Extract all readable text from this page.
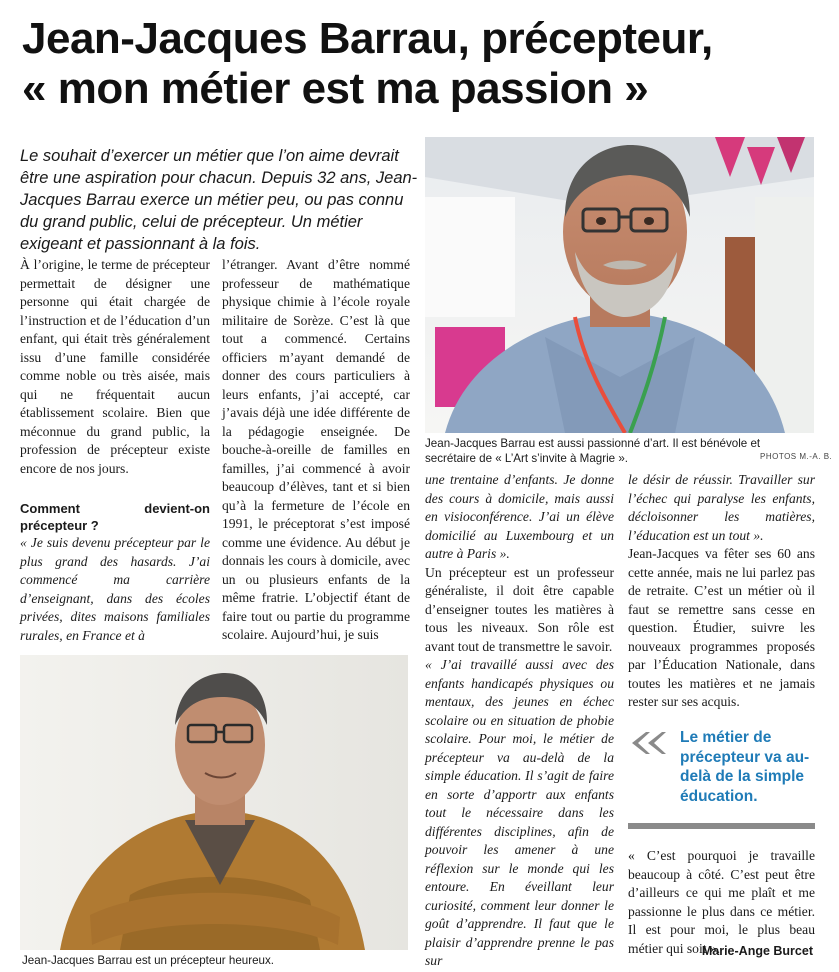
Jean-Jacques Barrau, précepteur,
« mon métier est ma passion »

Le souhait d’exercer un métier que l’on aime devrait être une aspiration pour chacun. Depuis 32 ans, Jean-Jacques Barrau exerce un métier peu, ou pas connu du grand public, celui de précepteur. Un métier exigeant et passionnant à la fois.

Jean-Jacques Barrau est aussi passionné d’art. Il est bénévole et secrétaire de « L’Art s’invite à Magrie ».	PHOTOS M.-A. B.
Jean-Jacques Barrau est un précepteur heureux.

À l’origine, le terme de précepteur permettait de désigner une personne qui était chargée de l’instruction et de l’éducation d’un enfant, qui était très généralement issu d’une famille considérée comme noble ou très aisée, mais qui ne fréquentait aucun établissement scolaire. Bien que méconnue du grand public, la profession de précepteur existe encore de nos jours.

Comment devient-on précepteur ?

« Je suis devenu précepteur par le plus grand des hasards. J’ai commencé ma carrière d’enseignant, dans des écoles privées, dites maisons familiales rurales, en France et à

l’étranger. Avant d’être nommé professeur de mathématique physique chimie à l’école royale militaire de Sorèze. C’est là que tout a commencé. Certains officiers m’ayant demandé de donner des cours particuliers à leurs enfants, j’ai accepté, car j’avais déjà une idée différente de la pédagogie enseignée. De bouche-à-oreille de familles en familles, j’ai commencé à avoir beaucoup d’élèves, tant et si bien qu’à la fermeture de l’école en 1991, le préceptorat s’est imposé comme une évidence. Au début je donnais les cours à domicile, avec un ou plusieurs enfants de la même fratrie. L’objectif étant de faire tout ou partie du programme scolaire. Aujourd’hui, je suis

une trentaine d’enfants. Je donne des cours à domicile, mais aussi en visioconférence. J’ai un élève domicilié au Luxembourg et un autre à Paris ».

Un précepteur est un professeur généraliste, il doit être capable d’enseigner toutes les matières à tous les niveaux. Son rôle est avant tout de transmettre le savoir.

« J’ai travaillé aussi avec des enfants handicapés physiques ou mentaux, des jeunes en échec scolaire ou en situation de phobie scolaire. Pour moi, le métier de précepteur va au-delà de la simple éducation. Il s’agit de faire en sorte d’apportr aux enfants tout le nécessaire dans les différentes disciplines, afin de pouvoir les amener à une réflexion sur le monde qui les entoure. En éveillant leur curiosité, comment leur donner le goût d’apprendre. Il faut que le plaisir d’apprendre prenne le pas sur

le désir de réussir. Travailler sur l’échec qui paralyse les enfants, décloisonner les matières, l’éducation est un tout ».

Jean-Jacques va fêter ses 60 ans cette année, mais ne lui parlez pas de retraite. C’est un métier où il faut se remettre sans cesse en question. Étudier, suivre les nouveaux programmes proposés par l’Éducation Nationale, dans toutes les matières et ne jamais rester sur ses acquis.

Le métier de précepteur va au-delà de la simple éducation.

« C’est pourquoi je travaille beaucoup à côté. C’est peut être d’ailleurs ce qui me plaît et me passionne le plus dans ce métier. Il est pour moi, le plus beau métier qui soit ».

Marie-Ange Burcet
